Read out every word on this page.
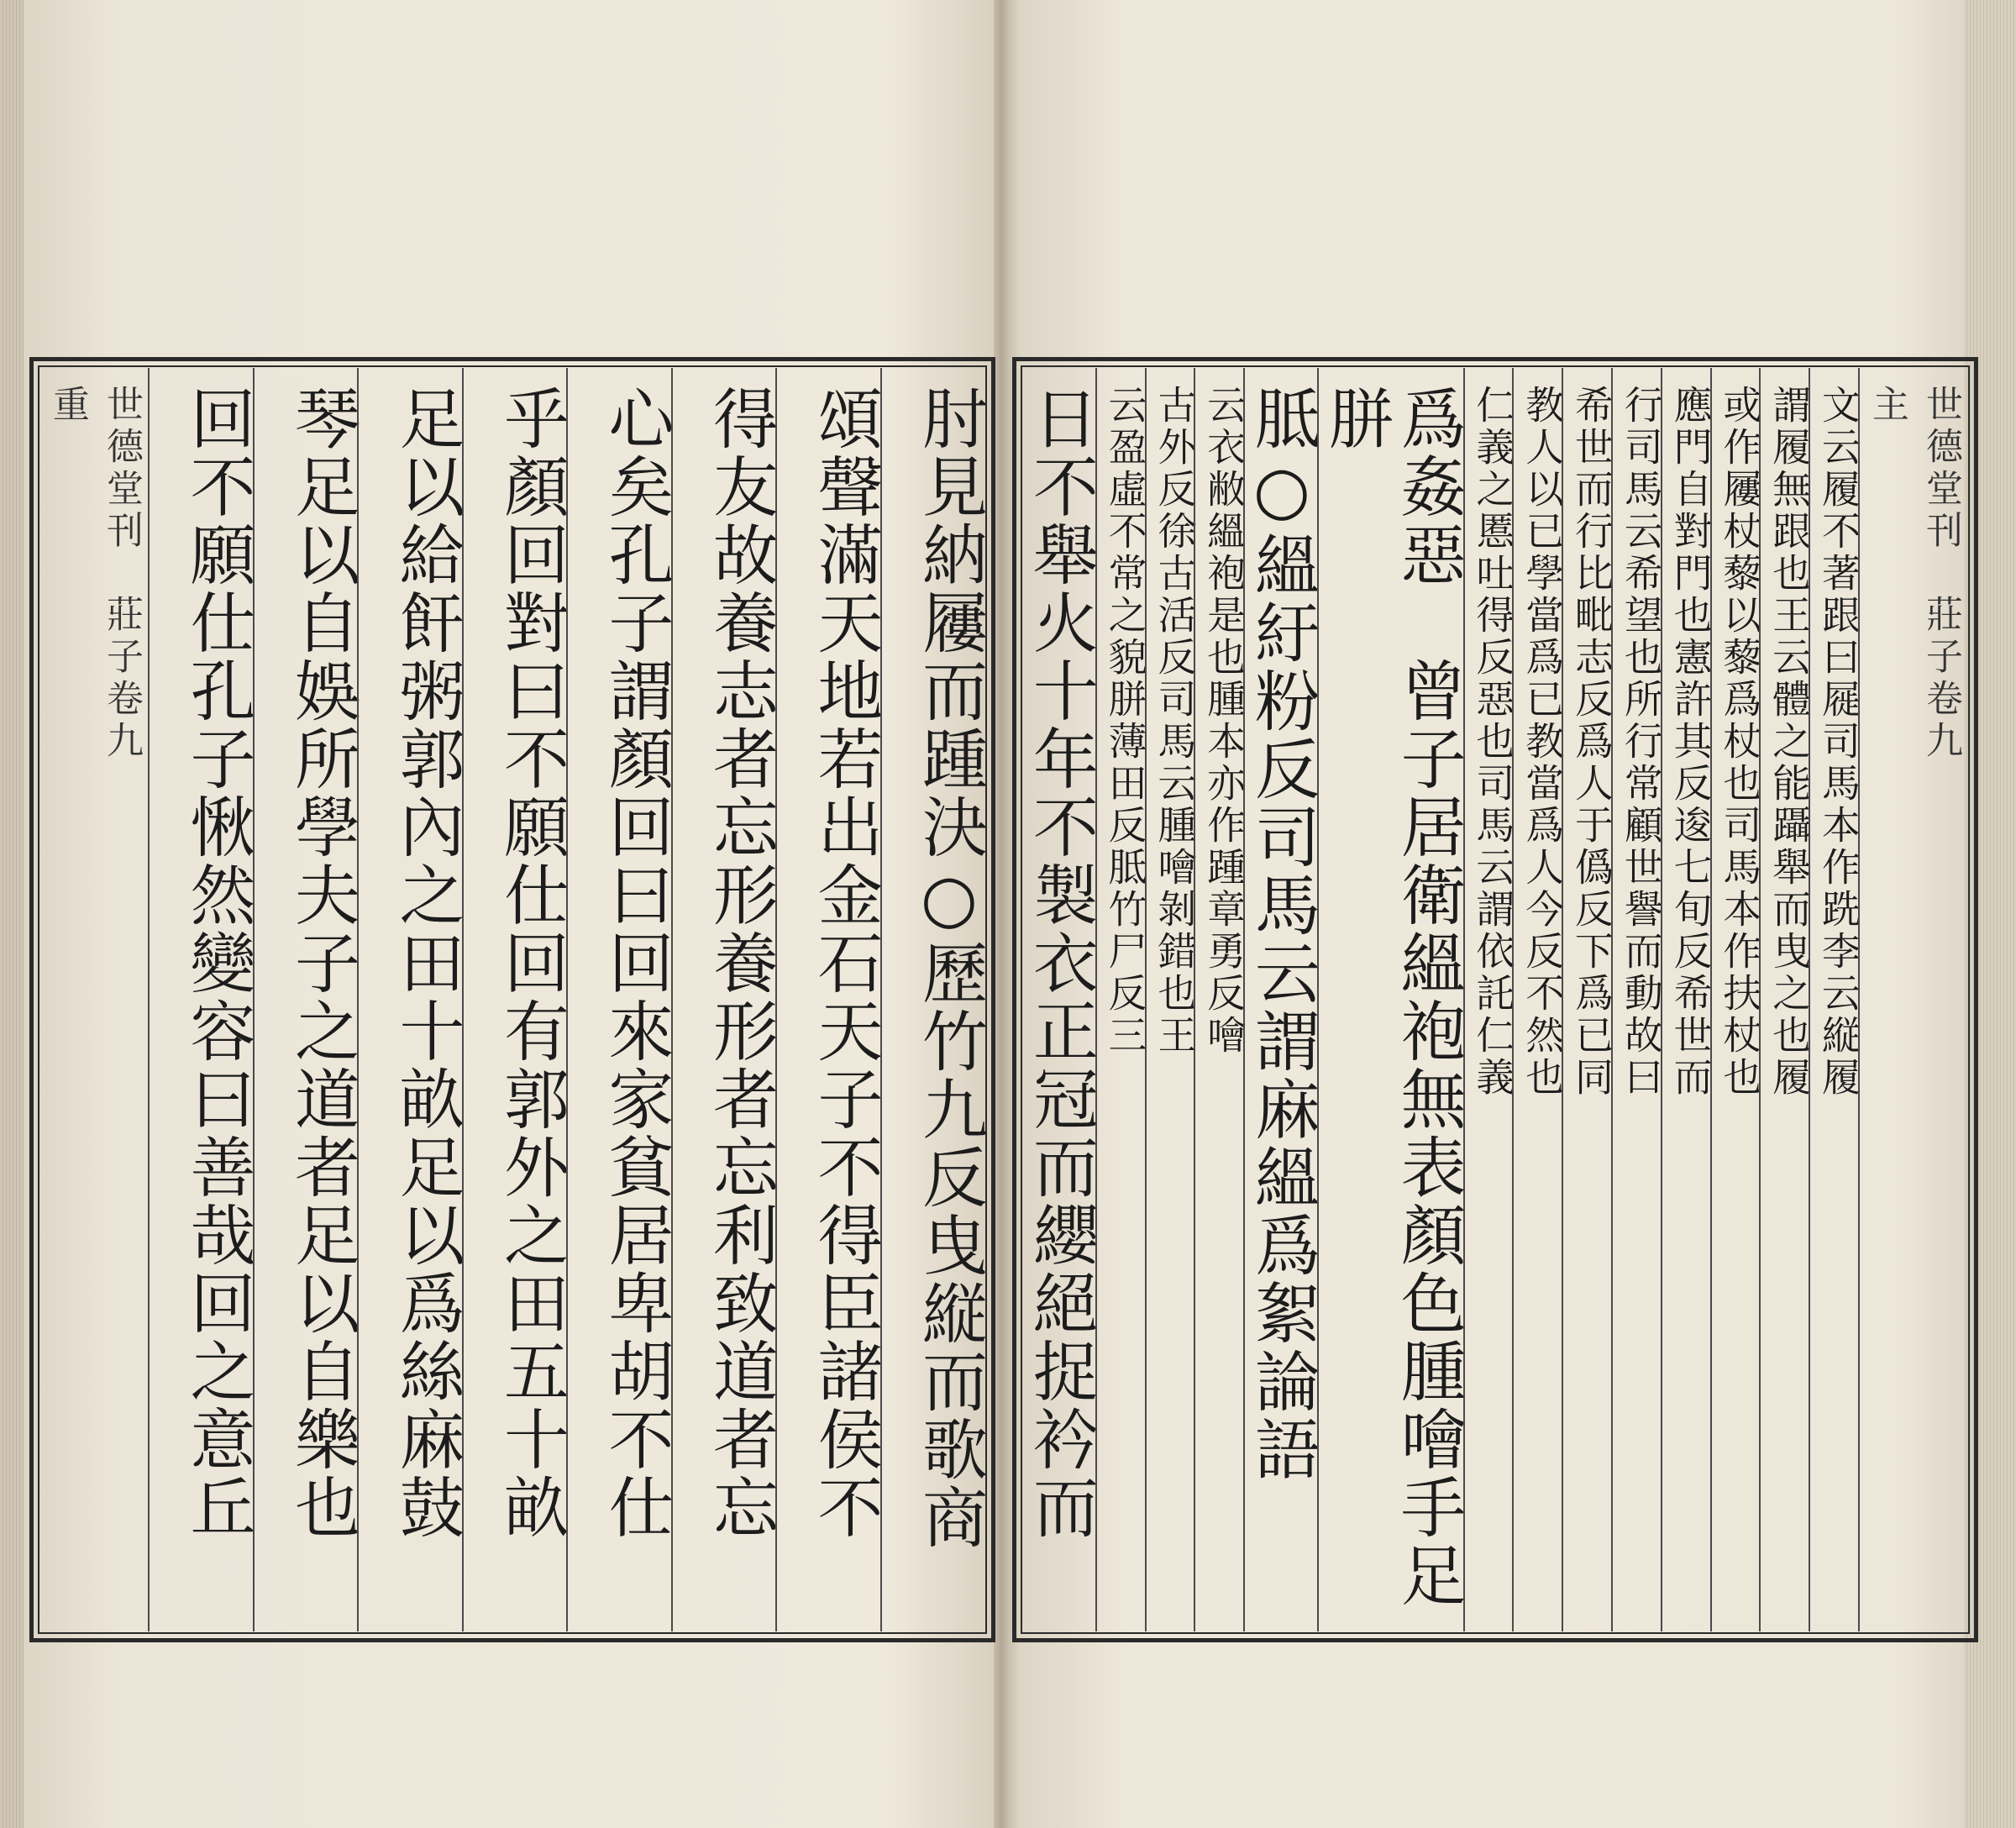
肘見納屨而踵決○歷竹九反曳縦而歌商
頌聲滿天地若出金石天子不得臣諸侯不
得友故養志者忘形養形者忘利致道者忘
心矣孔子謂顏回曰回來家貧居卑胡不仕
乎顏回對曰不願仕回有郭外之田五十畝
足以給飦粥郭內之田十畝足以爲絲麻鼓
琴足以自娛所學夫子之道者足以自樂也
回不願仕孔子愀然變容曰善哉回之意丘
世德堂刊　莊子卷九
重	世德堂刊　莊子卷九
主
文云履不著跟曰屣司馬本作跣李云縦履
謂履無跟也王云體之能躡舉而曳之也履
或作屨杖藜以藜爲杖也司馬本作扶杖也
應門自對門也憲許其反逡七旬反希世而
行司馬云希望也所行常顧世譽而動故曰
希世而行比毗志反爲人于僞反下爲已同
教人以已學當爲已教當爲人今反不然也
仁義之慝吐得反惡也司馬云謂依託仁義
爲姦惡　曾子居衛縕袍無表顏色腫噲手足胼
胝○縕紆粉反司馬云謂麻縕爲絮論語
云衣敝縕袍是也腫本亦作踵章勇反噲
古外反徐古活反司馬云腫噲剝錯也王
云盈虛不常之貌胼薄田反胝竹尸反三
日不舉火十年不製衣正冠而纓絕捉衿而
